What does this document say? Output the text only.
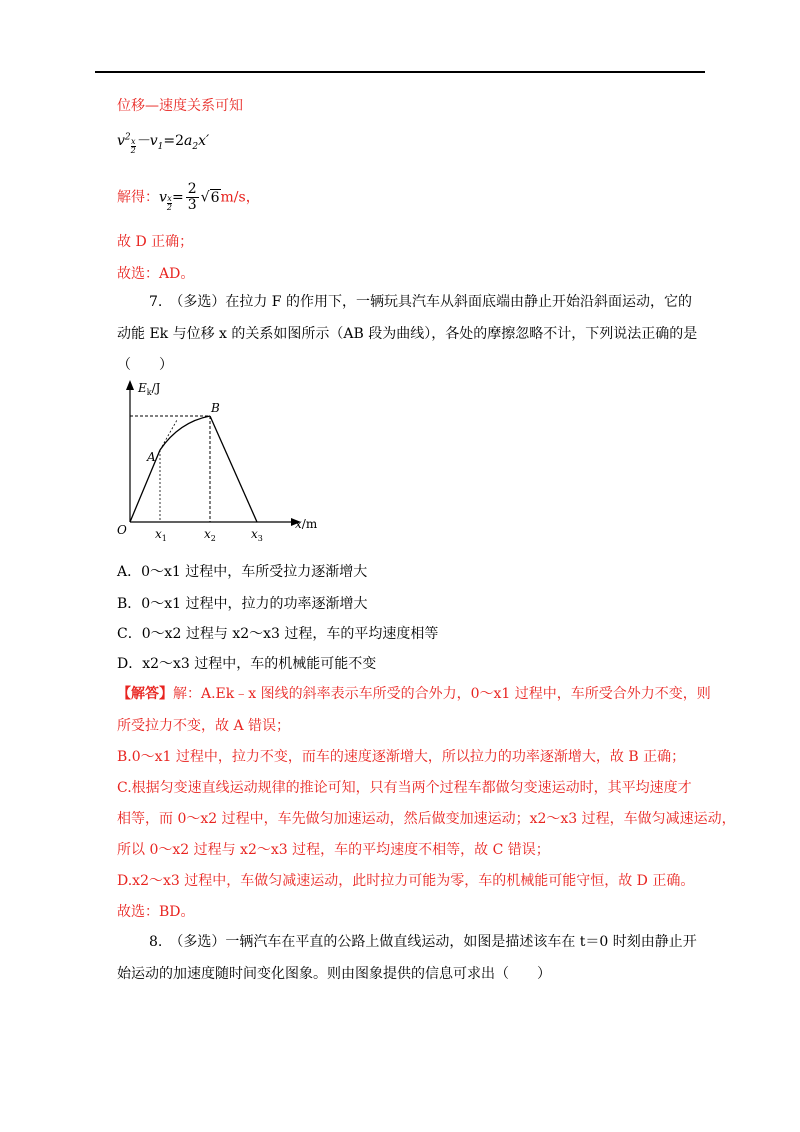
位移—速度关系可知
$v^2$
$\frac{x}{2} -v_1=2a_2x'$
解得：v $\frac{x}{2} = \frac{2}{3} √6m/s$，
故 D 正确；
故选：AD。
7.　（多选）在拉力 F 的作用下，一辆玩具汽车从斜面底端由静止开始沿斜面运动，它的
动能 Ek 与位移 x 的关系如图所示（AB 段为曲线），各处的摩擦忽略不计，下列说法正确的是
（　　）
$E_k/J$
O
A
B
$x_1$	$x_2$	$x_3$
x/m
A．0～x1 过程中，车所受拉力逐渐增大
B．0～x1 过程中，拉力的功率逐渐增大
C．0～x2 过程与 x2～x3 过程，车的平均速度相等
D．x2～x3 过程中，车的机械能可能不变
【解答】解：A.Ek﹣x 图线的斜率表示车所受的合外力，0～x1 过程中，车所受合外力不变，则
所受拉力不变，故 A 错误；
B.0～x1 过程中，拉力不变，而车的速度逐渐增大，所以拉力的功率逐渐增大，故 B 正确；
C.根据匀变速直线运动规律的推论可知，只有当两个过程车都做匀变速运动时，其平均速度才
相等，而 0～x2 过程中，车先做匀加速运动，然后做变加速运动；x2～x3 过程，车做匀减速运动，
所以 0～x2 过程与 x2～x3 过程，车的平均速度不相等，故 C 错误；
D.x2～x3 过程中，车做匀减速运动，此时拉力可能为零，车的机械能可能守恒，故 D 正确。
故选：BD。
8.　（多选）一辆汽车在平直的公路上做直线运动，如图是描述该车在 t＝0 时刻由静止开
始运动的加速度随时间变化图象。则由图象提供的信息可求出（　　）
